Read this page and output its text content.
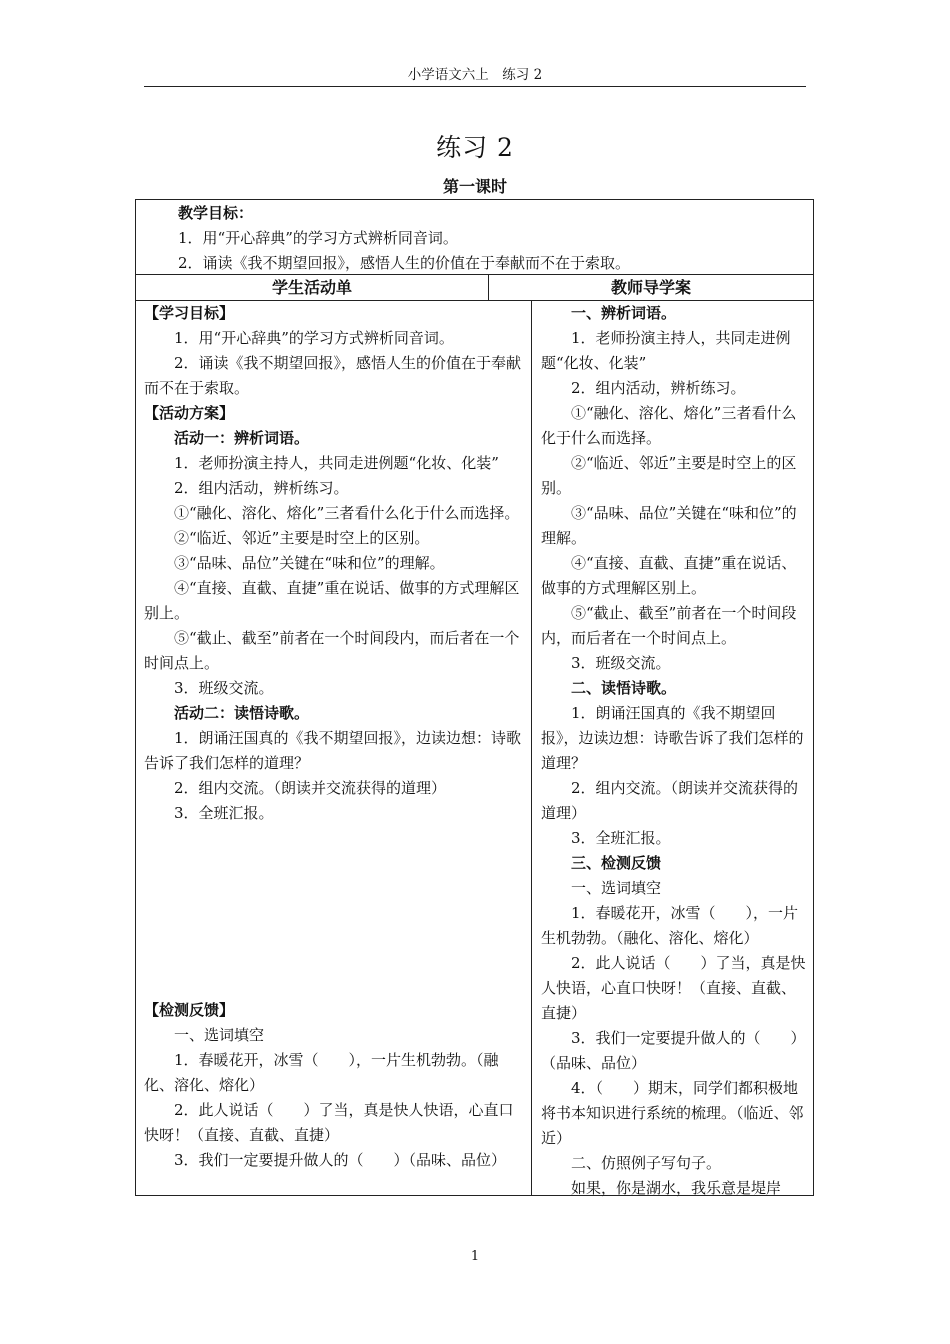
小学语文六上　练习 2
练习 2
第一课时
教学目标：
1．用“开心辞典”的学习方式辨析同音词。
2．诵读《我不期望回报》，感悟人生的价值在于奉献而不在于索取。
学生活动单	教师导学案

【学习目标】

1．用“开心辞典”的学习方式辨析同音词。

2．诵读《我不期望回报》，感悟人生的价值在于奉献而不在于索取。

【活动方案】

活动一：辨析词语。

1．老师扮演主持人，共同走进例题“化妆、化装”

2．组内活动，辨析练习。

①“融化、溶化、熔化”三者看什么化于什么而选择。

②“临近、邻近”主要是时空上的区别。

③“品味、品位”关键在“味和位”的理解。

④“直接、直截、直捷”重在说话、做事的方式理解区别上。

⑤“截止、截至”前者在一个时间段内，而后者在一个时间点上。

3．班级交流。

活动二：读悟诗歌。

1．朗诵汪国真的《我不期望回报》，边读边想：诗歌告诉了我们怎样的道理？

2．组内交流。（朗读并交流获得的道理）

3．全班汇报。

【检测反馈】

一、选词填空

1．春暖花开，冰雪（　　），一片生机勃勃。（融化、溶化、熔化）

2．此人说话（　　）了当，真是快人快语，心直口快呀！（直接、直截、直捷）

3．我们一定要提升做人的（　　）（品味、品位）

一、辨析词语。

1．老师扮演主持人，共同走进例题“化妆、化装”

2．组内活动，辨析练习。

①“融化、溶化、熔化”三者看什么化于什么而选择。

②“临近、邻近”主要是时空上的区别。

③“品味、品位”关键在“味和位”的理解。

④“直接、直截、直捷”重在说话、做事的方式理解区别上。

⑤“截止、截至”前者在一个时间段内，而后者在一个时间点上。

3．班级交流。

二、读悟诗歌。

1．朗诵汪国真的《我不期望回报》，边读边想：诗歌告诉了我们怎样的道理？

2．组内交流。（朗读并交流获得的道理）

3．全班汇报。

三、检测反馈

一、选词填空

1．春暖花开，冰雪（　　），一片生机勃勃。（融化、溶化、熔化）

2．此人说话（　　）了当，真是快人快语，心直口快呀！（直接、直截、直捷）

3．我们一定要提升做人的（　　）（品味、品位）

4．（　　）期末，同学们都积极地将书本知识进行系统的梳理。（临近、邻近）

二、仿照例子写句子。

如果，你是湖水，我乐意是堤岸

1
